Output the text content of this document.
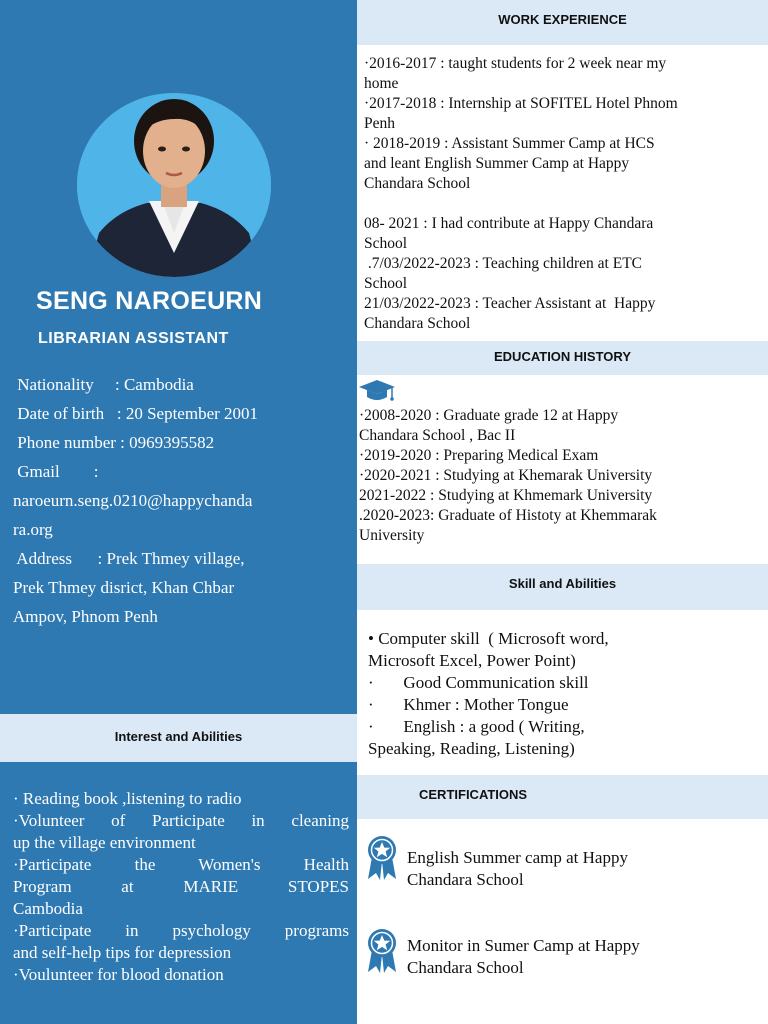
SENG NAROEURN
LIBRARIAN ASSISTANT
Nationality     : Cambodia
Date of birth   : 20 September 2001
Phone number : 0969395582
Gmail        :
naroeurn.seng.0210@happychanda
ra.org
Address      : Prek Thmey village,
Prek Thmey disrict, Khan Chbar
Ampov, Phnom Penh
Interest and Abilities
· Reading book ,listening to radio
·Volunteer of Participate in cleaning
up the village environment
·Participate the Women's Health
Program at MARIE STOPES
Cambodia
·Participate in psychology programs
and self-help tips for depression
·Voulunteer for blood donation
WORK EXPERIENCE
·2016-2017 : taught students for 2 week near my
home
·2017-2018 : Internship at SOFITEL Hotel Phnom
Penh
· 2018-2019 : Assistant Summer Camp at HCS
and leant English Summer Camp at Happy
Chandara School

08- 2021 : I had contribute at Happy Chandara
School
.7/03/2022-2023 : Teaching children at ETC
School
21/03/2022-2023 : Teacher Assistant at  Happy
Chandara School
EDUCATION HISTORY
·2008-2020 : Graduate grade 12 at Happy
Chandara School , Bac II
·2019-2020 : Preparing Medical Exam
·2020-2021 : Studying at Khemarak University
2021-2022 : Studying at Khmemark University
.2020-2023: Graduate of Histoty at Khemmarak
University
Skill and Abilities
• Computer skill  ( Microsoft word,
Microsoft Excel, Power Point)
·       Good Communication skill
·       Khmer : Mother Tongue
·       English : a good ( Writing,
Speaking, Reading, Listening)
CERTIFICATIONS
English Summer camp at Happy
Chandara School
Monitor in Sumer Camp at Happy
Chandara School
